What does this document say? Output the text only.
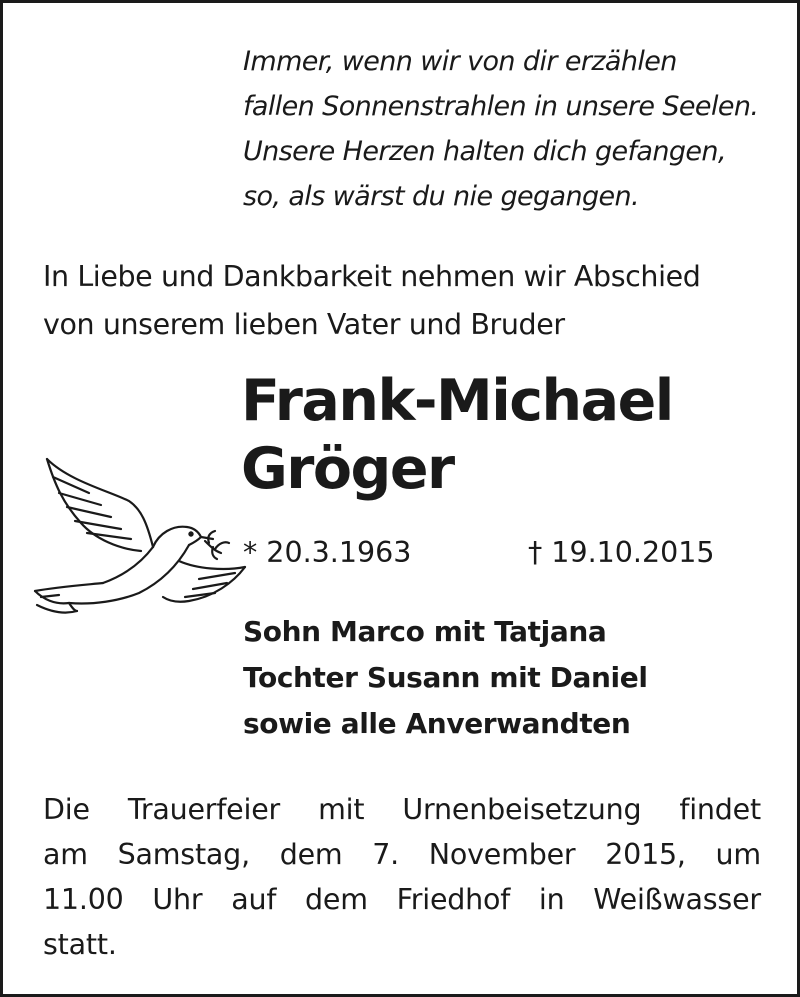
Immer, wenn wir von dir erzählen
fallen Sonnenstrahlen in unsere Seelen.
Unsere Herzen halten dich gefangen,
so, als wärst du nie gegangen.
In Liebe und Dankbarkeit nehmen wir Abschied
von unserem lieben Vater und Bruder
Frank-Michael
Gröger
* 20.3.1963	† 19.10.2015
Sohn Marco mit Tatjana
Tochter Susann mit Daniel
sowie alle Anverwandten
Die Trauerfeier mit Urnenbeisetzung findet
am Samstag, dem 7. November 2015, um
11.00 Uhr auf dem Friedhof in Weißwasser
statt.
